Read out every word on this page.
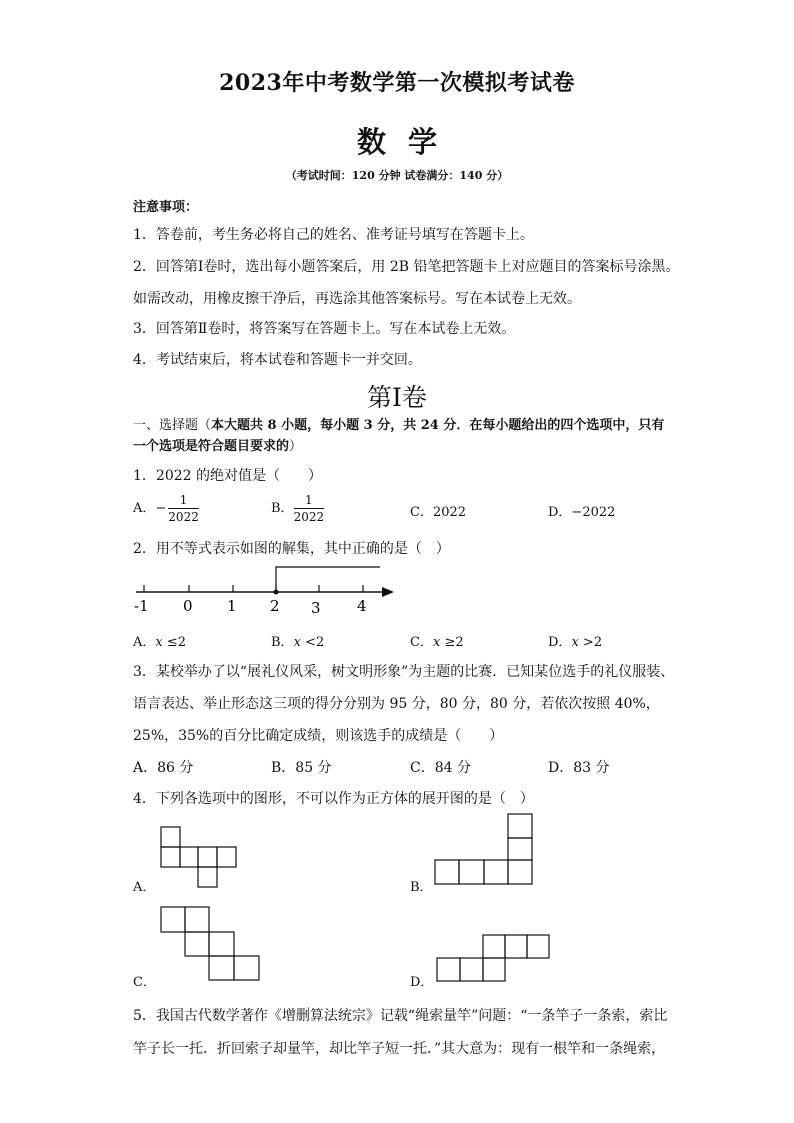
2023年中考数学第一次模拟考试卷
数学
（考试时间：120 分钟 试卷满分：140 分）
注意事项：
1．答卷前，考生务必将自己的姓名、准考证号填写在答题卡上。
2．回答第Ⅰ卷时，选出每小题答案后，用 2B 铅笔把答题卡上对应题目的答案标号涂黑。
如需改动，用橡皮擦干净后，再选涂其他答案标号。写在本试卷上无效。
3．回答第Ⅱ卷时，将答案写在答题卡上。写在本试卷上无效。
4．考试结束后，将本试卷和答题卡一并交回。
第Ⅰ卷
一、选择题（本大题共 8 小题，每小题 3 分，共 24 分．在每小题给出的四个选项中，只有一个选项是符合题目要求的）
1．2022 的绝对值是（　　）
A．− $\frac{1}{2022}$	B． $\frac{1}{2022}$	C．2022	D．−2022
2．用不等式表示如图的解集，其中正确的是（　）
-1 0 1 2 3 4
A．x ≤2	B．x <2	C．x ≥2	D．x >2
3．某校举办了以“展礼仪风采，树文明形象”为主题的比赛．已知某位选手的礼仪服装、
语言表达、举止形态这三项的得分分别为 95 分，80 分，80 分，若依次按照 40%，
25%，35%的百分比确定成绩，则该选手的成绩是（　　）
A．86 分	B．85 分	C．84 分	D．83 分
4．下列各选项中的图形，不可以作为正方体的展开图的是（　）
A．	B．
C．	D．
5．我国古代数学著作《增删算法统宗》记载“绳索量竿”问题：“一条竿子一条索，索比
竿子长一托．折回索子却量竿，却比竿子短一托．”其大意为：现有一根竿和一条绳索，
